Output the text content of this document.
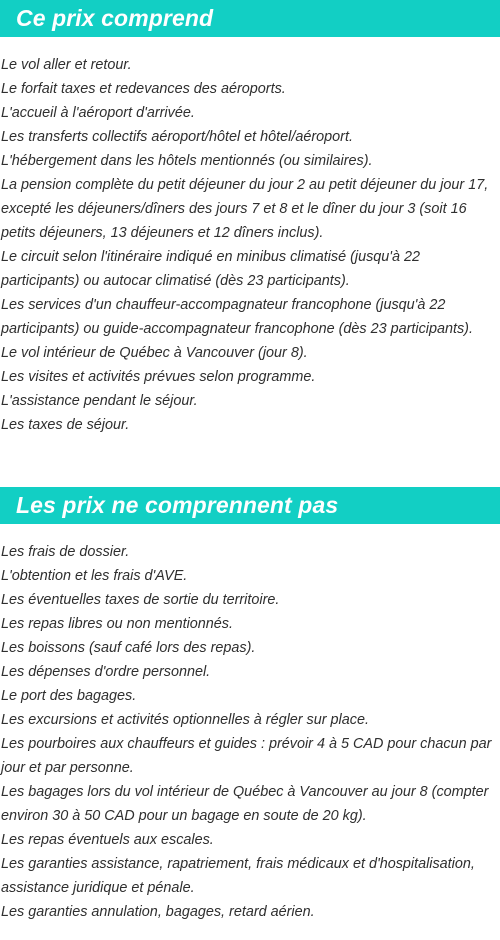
Ce prix comprend
Le vol aller et retour.
Le forfait taxes et redevances des aéroports.
L'accueil à l'aéroport d'arrivée.
Les transferts collectifs aéroport/hôtel et hôtel/aéroport.
L'hébergement dans les hôtels mentionnés (ou similaires).
La pension complète du petit déjeuner du jour 2 au petit déjeuner du jour 17, excepté les déjeuners/dîners des jours 7 et 8 et le dîner du jour 3 (soit 16 petits déjeuners, 13 déjeuners et 12 dîners inclus).
Le circuit selon l'itinéraire indiqué en minibus climatisé (jusqu'à 22 participants) ou autocar climatisé (dès 23 participants).
Les services d'un chauffeur-accompagnateur francophone (jusqu'à 22 participants) ou guide-accompagnateur francophone (dès 23 participants).
Le vol intérieur de Québec à Vancouver (jour 8).
Les visites et activités prévues selon programme.
L'assistance pendant le séjour.
Les taxes de séjour.
Les prix ne comprennent pas
Les frais de dossier.
L'obtention et les frais d'AVE.
Les éventuelles taxes de sortie du territoire.
Les repas libres ou non mentionnés.
Les boissons (sauf café lors des repas).
Les dépenses d'ordre personnel.
Le port des bagages.
Les excursions et activités optionnelles à régler sur place.
Les pourboires aux chauffeurs et guides : prévoir 4 à 5 CAD pour chacun par jour et par personne.
Les bagages lors du vol intérieur de Québec à Vancouver au jour 8 (compter environ 30 à 50 CAD pour un bagage en soute de 20 kg).
Les repas éventuels aux escales.
Les garanties assistance, rapatriement, frais médicaux et d'hospitalisation, assistance juridique et pénale.
Les garanties annulation, bagages, retard aérien.
